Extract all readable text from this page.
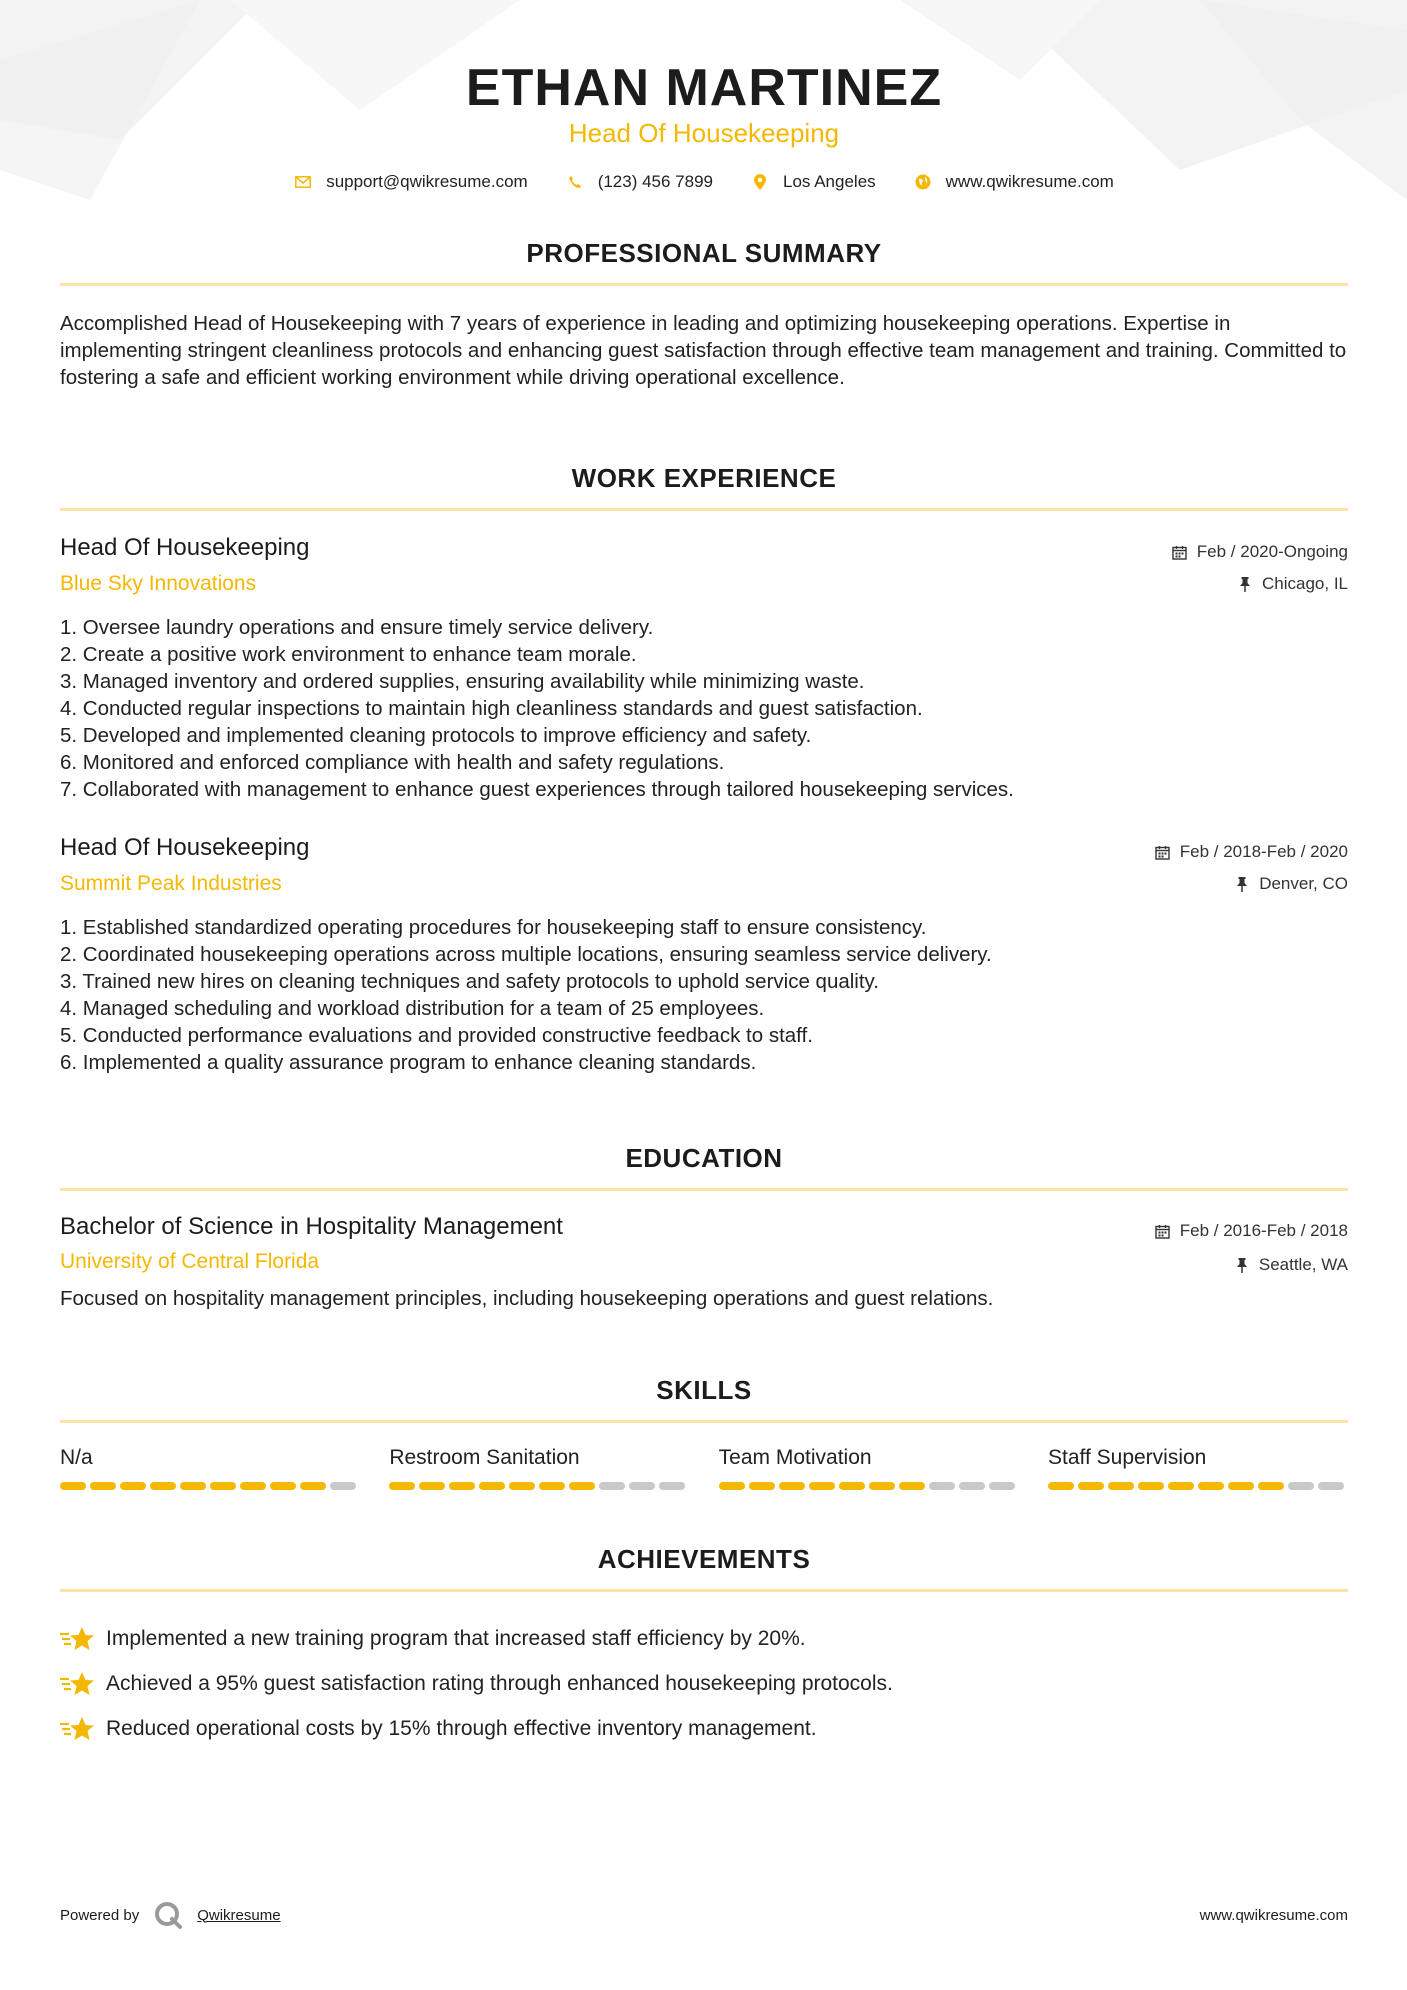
ETHAN MARTINEZ
Head Of Housekeeping
support@qwikresume.com	(123) 456 7899	Los Angeles	www.qwikresume.com
PROFESSIONAL SUMMARY
Accomplished Head of Housekeeping with 7 years of experience in leading and optimizing housekeeping operations. Expertise in implementing stringent cleanliness protocols and enhancing guest satisfaction through effective team management and training. Committed to fostering a safe and efficient working environment while driving operational excellence.
WORK EXPERIENCE
Head Of Housekeeping
Blue Sky Innovations
Feb / 2020-Ongoing
Chicago, IL
1. Oversee laundry operations and ensure timely service delivery.
2. Create a positive work environment to enhance team morale.
3. Managed inventory and ordered supplies, ensuring availability while minimizing waste.
4. Conducted regular inspections to maintain high cleanliness standards and guest satisfaction.
5. Developed and implemented cleaning protocols to improve efficiency and safety.
6. Monitored and enforced compliance with health and safety regulations.
7. Collaborated with management to enhance guest experiences through tailored housekeeping services.
Head Of Housekeeping
Summit Peak Industries
Feb / 2018-Feb / 2020
Denver, CO
1. Established standardized operating procedures for housekeeping staff to ensure consistency.
2. Coordinated housekeeping operations across multiple locations, ensuring seamless service delivery.
3. Trained new hires on cleaning techniques and safety protocols to uphold service quality.
4. Managed scheduling and workload distribution for a team of 25 employees.
5. Conducted performance evaluations and provided constructive feedback to staff.
6. Implemented a quality assurance program to enhance cleaning standards.
EDUCATION
Bachelor of Science in Hospitality Management
University of Central Florida
Feb / 2016-Feb / 2018
Seattle, WA
Focused on hospitality management principles, including housekeeping operations and guest relations.
SKILLS
N/a	Restroom Sanitation	Team Motivation	Staff Supervision
ACHIEVEMENTS
Implemented a new training program that increased staff efficiency by 20%.
Achieved a 95% guest satisfaction rating through enhanced housekeeping protocols.
Reduced operational costs by 15% through effective inventory management.
Powered by	Qwikresume	www.qwikresume.com
